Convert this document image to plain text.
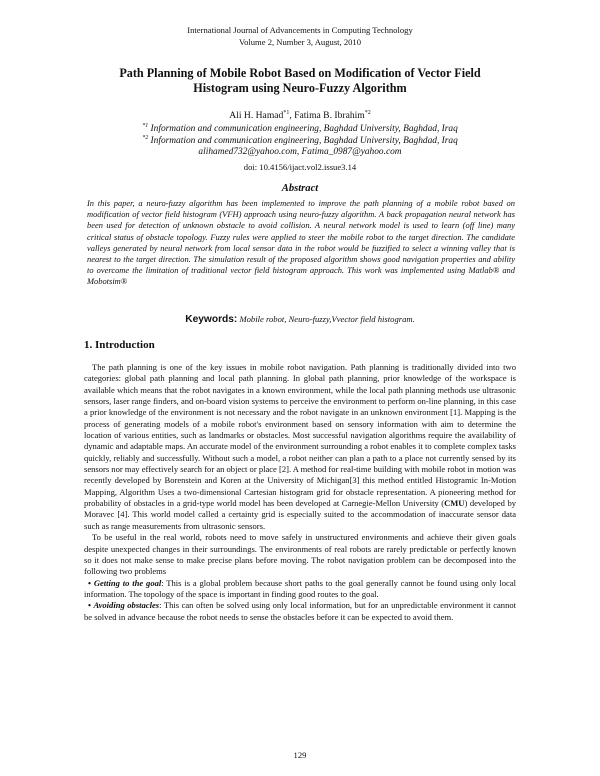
International Journal of Advancements in Computing Technology
Volume 2, Number 3, August, 2010
Path Planning of Mobile Robot Based on Modification of Vector Field
Histogram using Neuro-Fuzzy Algorithm
Ali H. Hamad$^{*1}$, Fatima B. Ibrahim$^{*2}$
$^{*1}$ Information and communication engineering, Baghdad University, Baghdad, Iraq
$^{*2}$ Information and communication engineering, Baghdad University, Baghdad, Iraq
alihamed732@yahoo.com, Fatima_0987@yahoo.com
doi: 10.4156/ijact.vol2.issue3.14
Abstract
In this paper, a neuro-fuzzy algorithm has been implemented to improve the path planning of a mobile robot based on modification of vector field histogram (VFH) approach using neuro-fuzzy algorithm. A back propagation neural network has been used for detection of unknown obstacle to avoid collision. A neural network model is used to learn (off line) many critical status of obstacle topology. Fuzzy rules were applied to steer the mobile robot to the target direction. The candidate valleys generated by neural network from local sensor data in the robot would be fuzzified to select a winning valley that is nearest to the target direction. The simulation result of the proposed algorithm shows good navigation properties and ability to overcome the limitation of traditional vector field histogram approach. This work was implemented using Matlab® and Mobotsim®
Keywords: Mobile robot, Neuro-fuzzy,Vvector field histogram.
1. Introduction

The path planning is one of the key issues in mobile robot navigation. Path planning is traditionally divided into two categories: global path planning and local path planning. In global path planning, prior knowledge of the workspace is available which means that the robot navigates in a known environment, while the local path planning methods use ultrasonic sensors, laser range finders, and on-board vision systems to perceive the environment to perform on-line planning, in this case a prior knowledge of the environment is not necessary and the robot navigate in an unknown environment [1]. Mapping is the process of generating models of a mobile robot's environment based on sensory information with aim to determine the location of various entities, such as landmarks or obstacles. Most successful navigation algorithms require the availability of dynamic and adaptable maps. An accurate model of the environment surrounding a robot enables it to complete complex tasks quickly, reliably and successfully. Without such a model, a robot neither can plan a path to a place not currently sensed by its sensors nor may effectively search for an object or place [2]. A method for real-time building with mobile robot in motion was recently developed by Borenstein and Koren at the University of Michigan[3] this method entitled Histogramic In-Motion Mapping, Algorithm Uses a two-dimensional Cartesian histogram grid for obstacle representation. A pioneering method for probability of obstacles in a grid-type world model has been developed at Carnegie-Mellon University (CMU) developed by Moravec [4]. This world model called a certainty grid is especially suited to the accommodation of inaccurate sensor data such as range measurements from ultrasonic sensors.

To be useful in the real world, robots need to move safely in unstructured environments and achieve their given goals despite unexpected changes in their surroundings. The environments of real robots are rarely predictable or perfectly known so it does not make sense to make precise plans before moving. The robot navigation problem can be decomposed into the following two problems

• Getting to the goal: This is a global problem because short paths to the goal generally cannot be found using only local information. The topology of the space is important in finding good routes to the goal.

• Avoiding obstacles: This can often be solved using only local information, but for an unpredictable environment it cannot be solved in advance because the robot needs to sense the obstacles before it can be expected to avoid them.

129
